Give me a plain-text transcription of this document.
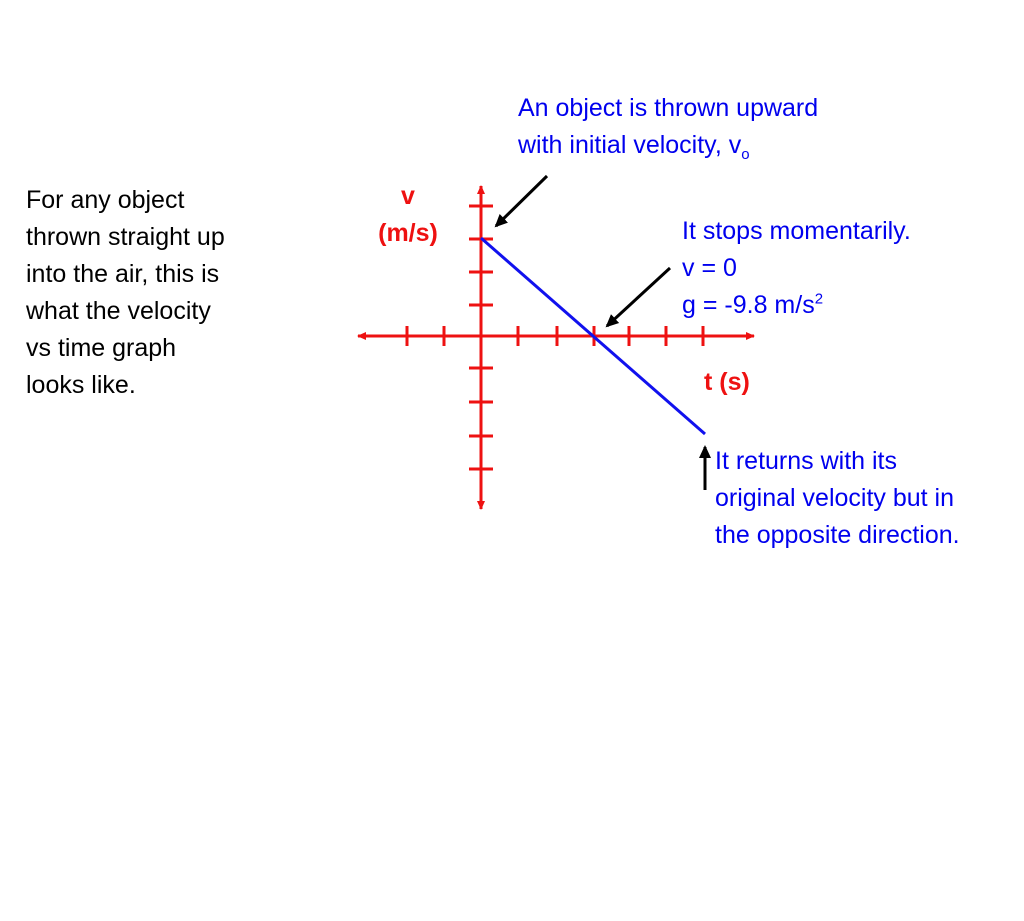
For any object
thrown straight up
into the air, this is
what the velocity
vs time graph
looks like.
v
(m/s)
t (s)
An object is thrown upward
with initial velocity, $v_o$
It stops momentarily.
v = 0
g = -9.8 $m/s^2$
It returns with its
original velocity but in
the opposite direction.
